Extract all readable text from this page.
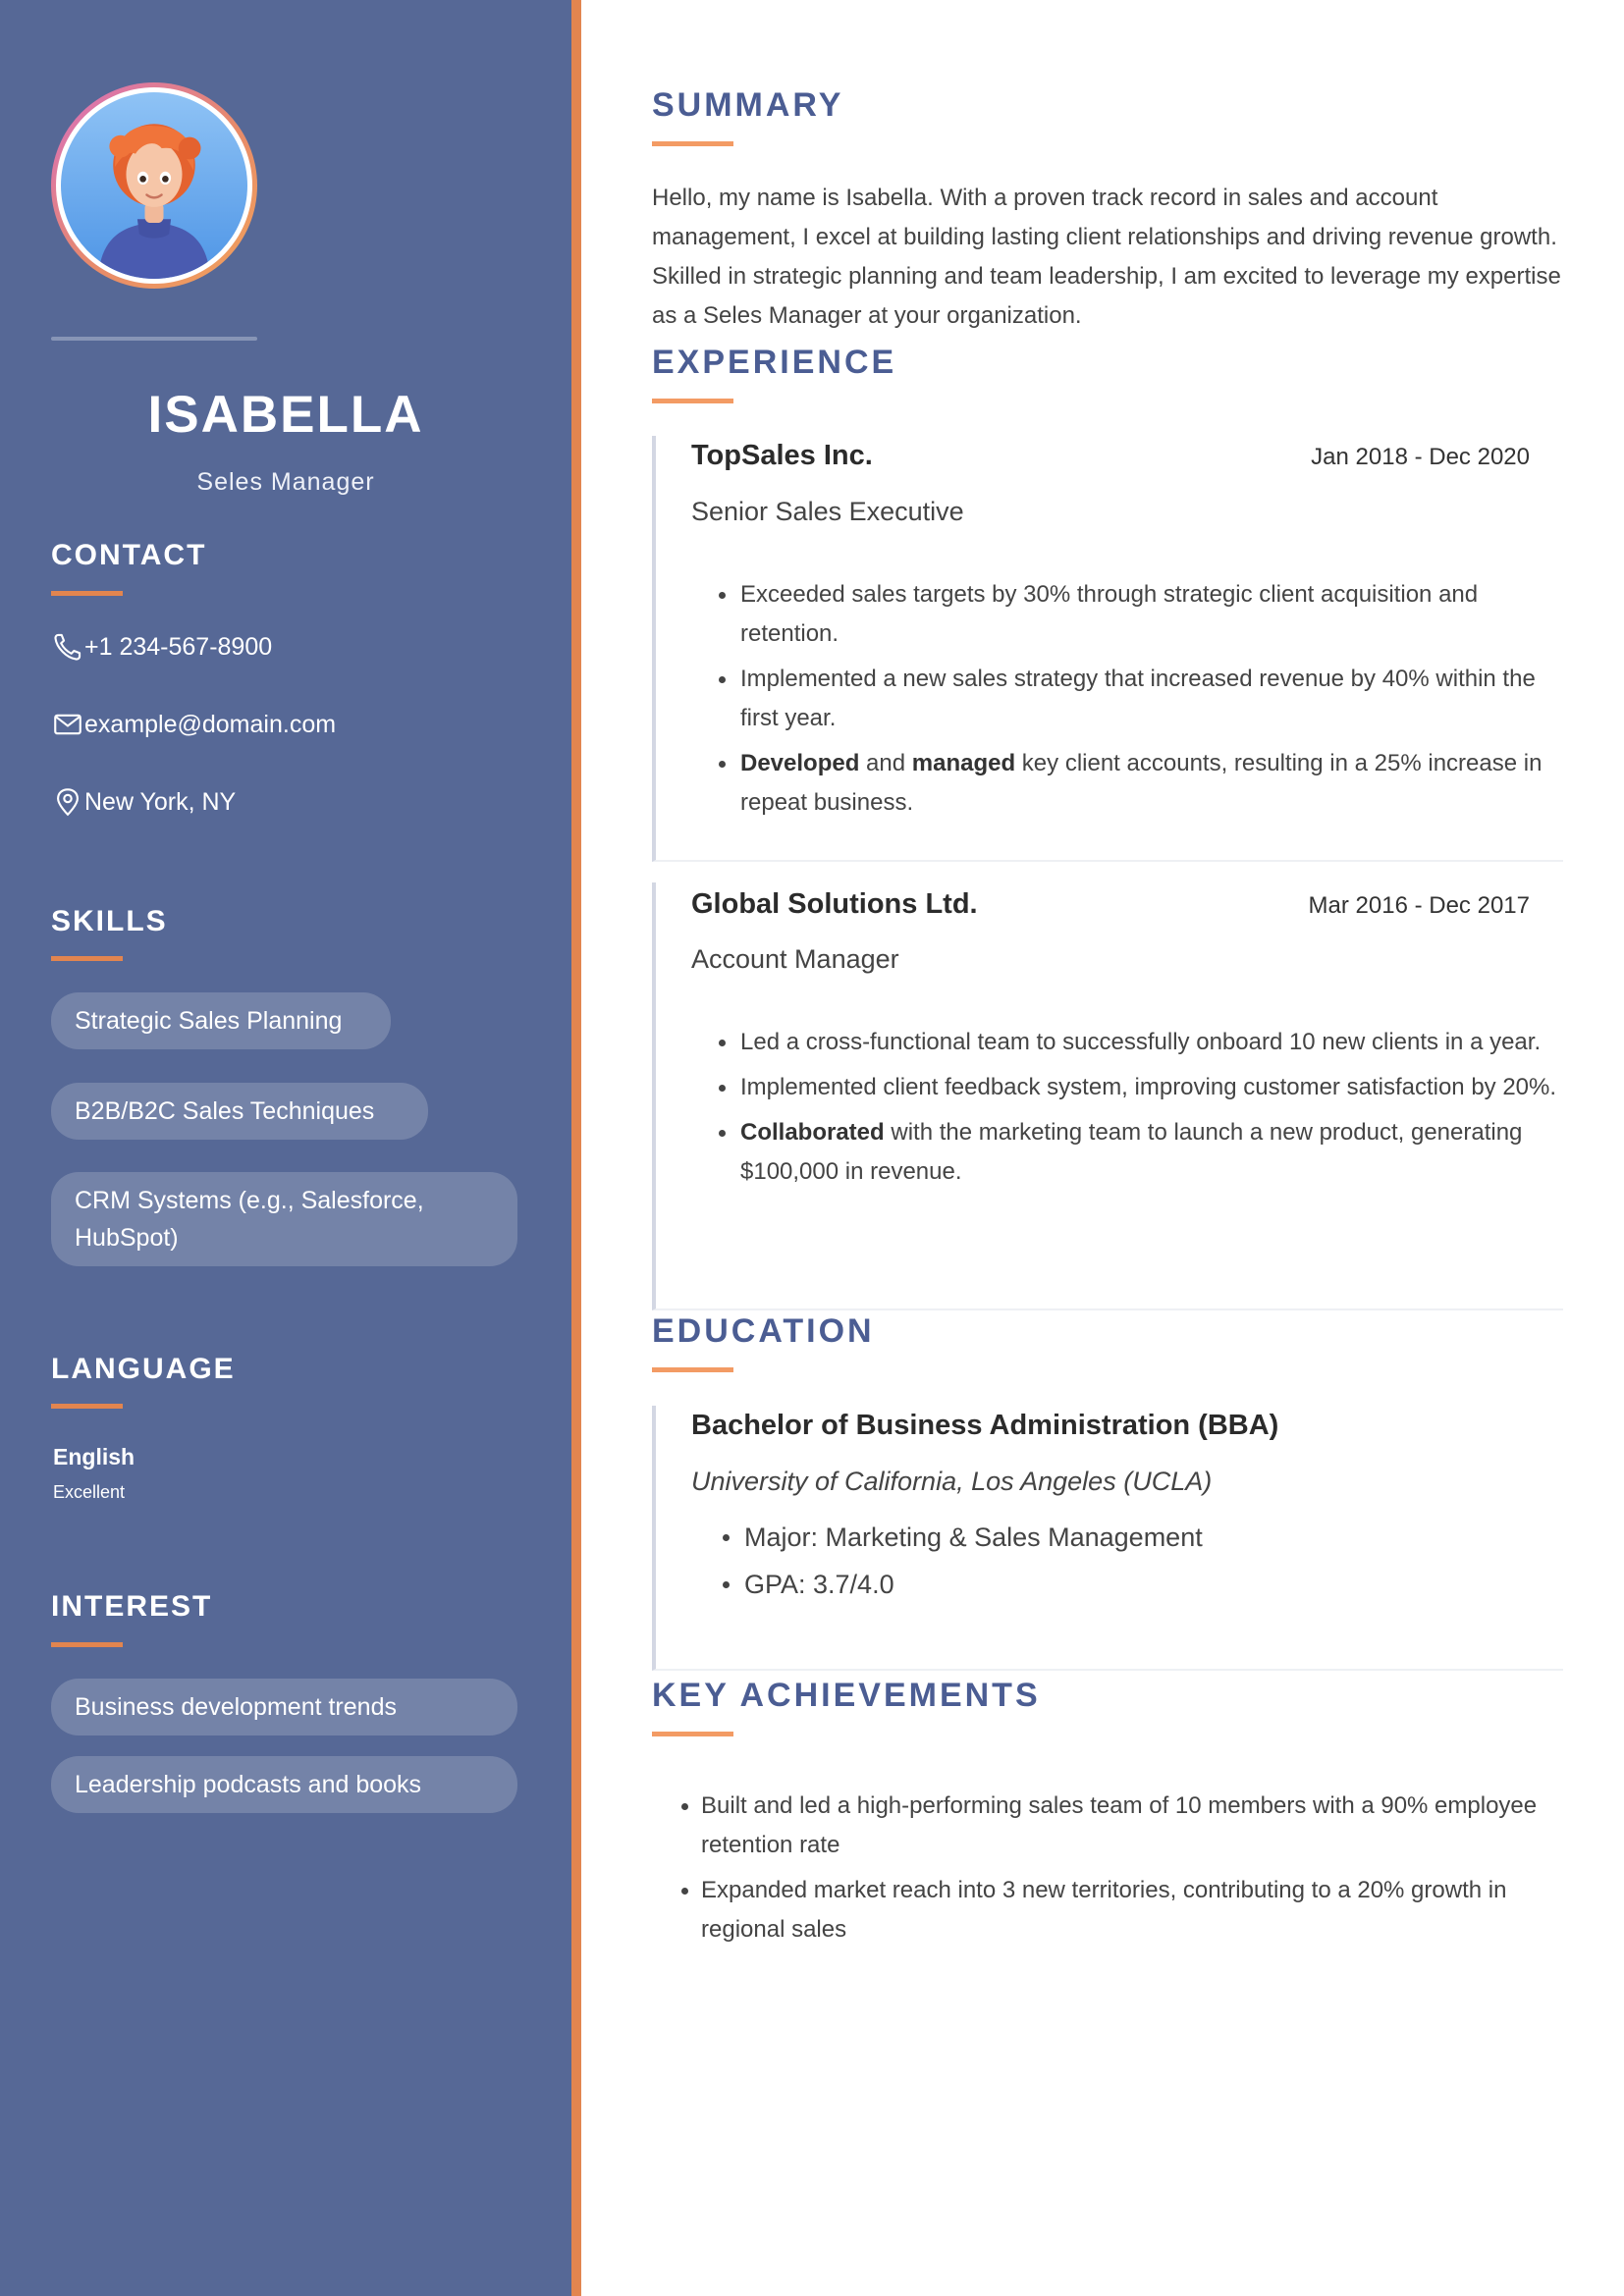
ISABELLA
Seles Manager
CONTACT
+1 234-567-8900
example@domain.com
New York, NY
SKILLS
Strategic Sales Planning
B2B/B2C Sales Techniques
CRM Systems (e.g., Salesforce, HubSpot)
LANGUAGE
English
Excellent
INTEREST
Business development trends
Leadership podcasts and books
SUMMARY

Hello, my name is Isabella. With a proven track record in sales and account management, I excel at building lasting client relationships and driving revenue growth. Skilled in strategic planning and team leadership, I am excited to leverage my expertise as a Seles Manager at your organization.

EXPERIENCE
TopSales Inc.	Jan 2018 - Dec 2020
Senior Sales Executive
Exceeded sales targets by 30% through strategic client acquisition and retention.
Implemented a new sales strategy that increased revenue by 40% within the first year.
Developed and managed key client accounts, resulting in a 25% increase in repeat business.
Global Solutions Ltd.	Mar 2016 - Dec 2017
Account Manager
Led a cross-functional team to successfully onboard 10 new clients in a year.
Implemented client feedback system, improving customer satisfaction by 20%.
Collaborated with the marketing team to launch a new product, generating $100,000 in revenue.
EDUCATION
Bachelor of Business Administration (BBA)
University of California, Los Angeles (UCLA)
Major: Marketing & Sales Management
GPA: 3.7/4.0
KEY ACHIEVEMENTS
Built and led a high-performing sales team of 10 members with a 90% employee retention rate
Expanded market reach into 3 new territories, contributing to a 20% growth in regional sales
